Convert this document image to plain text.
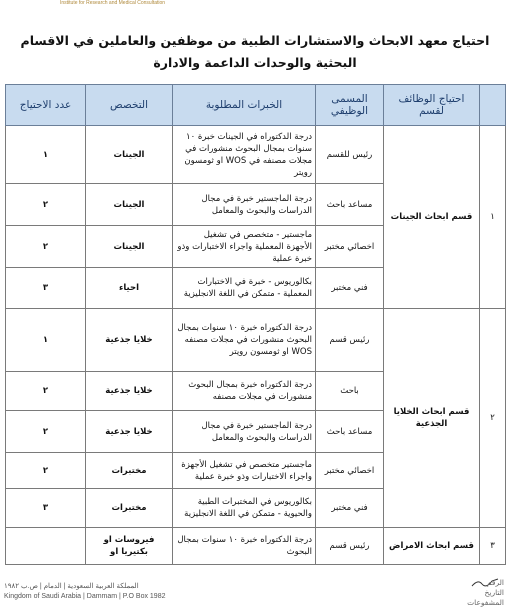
Institute for Research and Medical Consultation
احتياج معهد الابحاث والاستشارات الطبية من موظفين والعاملين في الاقسام
البحثية والوحدات الداعمة والادارة
	احتياج الوظائف لقسم	المسمى الوظيفي	الخبرات المطلوبة	التخصص	عدد الاحتياج
١	قسم ابحاث الجينات	رئيس للقسم	درجة الدكتوراه في الجينات خبرة ١٠ سنوات بمجال البحوث منشورات في مجلات مصنفه في WOS او ثومسون رويتر	الجينات	١
		مساعد باحث	درجة الماجستير خبرة في مجال الدراسات والبحوث والمعامل	الجينات	٢
		اخصائي مختبر	ماجستير - متخصص في تشغيل الأجهزة المعملية واجراء الاختبارات وذو خبرة عملية	الجينات	٢
		فني مختبر	بكالوريوس - خبرة في الاختبارات المعملية - متمكن في اللغة الانجليزية	احياء	٣
٢	قسم ابحاث الخلايا الجذعية	رئيس قسم	درجة الدكتوراه خبرة ١٠ سنوات بمجال البحوث منشورات في مجلات مصنفه WOS او ثومسون رويتر	خلايا جذعية	١
		باحث	درجة الدكتوراه خبرة بمجال البحوث منشورات في مجلات مصنفه	خلايا جذعية	٢
		مساعد باحث	درجة الماجستير خبرة في مجال الدراسات والبحوث والمعامل	خلايا جذعية	٢
		اخصائي مختبر	ماجستير متخصص في تشغيل الأجهزة واجراء الاختبارات وذو خبرة عملية	مختبرات	٢
		فني مختبر	بكالوريوس في المختبرات الطبية والحيوية - متمكن في اللغة الانجليزية	مختبرات	٣
٣	قسم ابحاث الامراض	رئيس قسم	درجة الدكتوراه خبرة ١٠ سنوات بمجال البحوث	فيروسات او بكتيريا او	
المملكة العربية السعودية | الدمام | ص.ب ١٩٨٢
Kingdom of Saudi Arabia | Dammam | P.O Box 1982
الرقم
التاريخ
المشفوعات
